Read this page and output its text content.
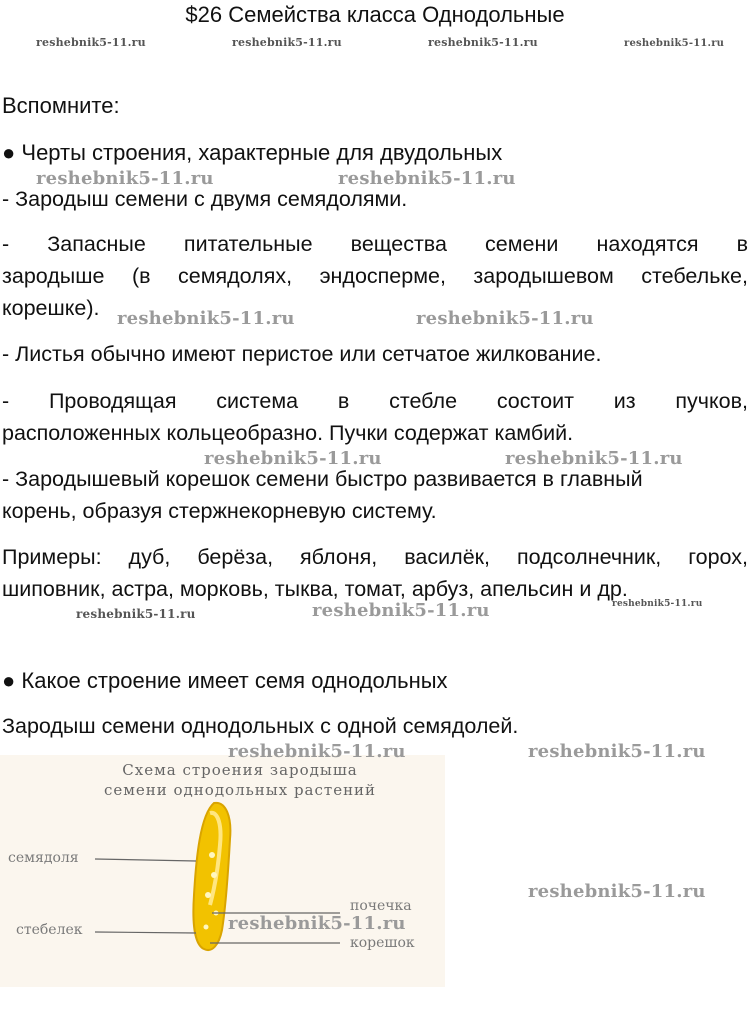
$26 Семейства класса Однодольные
reshebnik5-11.ru	reshebnik5-11.ru	reshebnik5-11.ru	reshebnik5-11.ru
Вспомните:
● Черты строения, характерные для двудольных
reshebnik5-11.ru	reshebnik5-11.ru
- Зародыш семени с двумя семядолями.
- Запасные питательные вещества семени находятся в
зародыше (в семядолях, эндосперме, зародышевом стебельке,
корешке). reshebnik5-11.ru	reshebnik5-11.ru
- Листья обычно имеют перистое или сетчатое жилкование.
- Проводящая система в стебле состоит из пучков,
расположенных кольцеобразно. Пучки содержат камбий.
reshebnik5-11.ru	reshebnik5-11.ru
- Зародышевый корешок семени быстро развивается в главный
корень, образуя стержнекорневую систему.
Примеры: дуб, берёза, яблоня, василёк, подсолнечник, горох,
шиповник, астра, морковь, тыква, томат, арбуз, апельсин и др.
reshebnik5-11.ru	reshebnik5-11.ru	reshebnik5-11.ru
● Какое строение имеет семя однодольных
Зародыш семени однодольных с одной семядолей.
Схема строения зародыша
семени однодольных растений
семядоля
стебелек
почечка
корешок
reshebnik5-11.ru	reshebnik5-11.ru
reshebnik5-11.ru
reshebnik5-11.ru
